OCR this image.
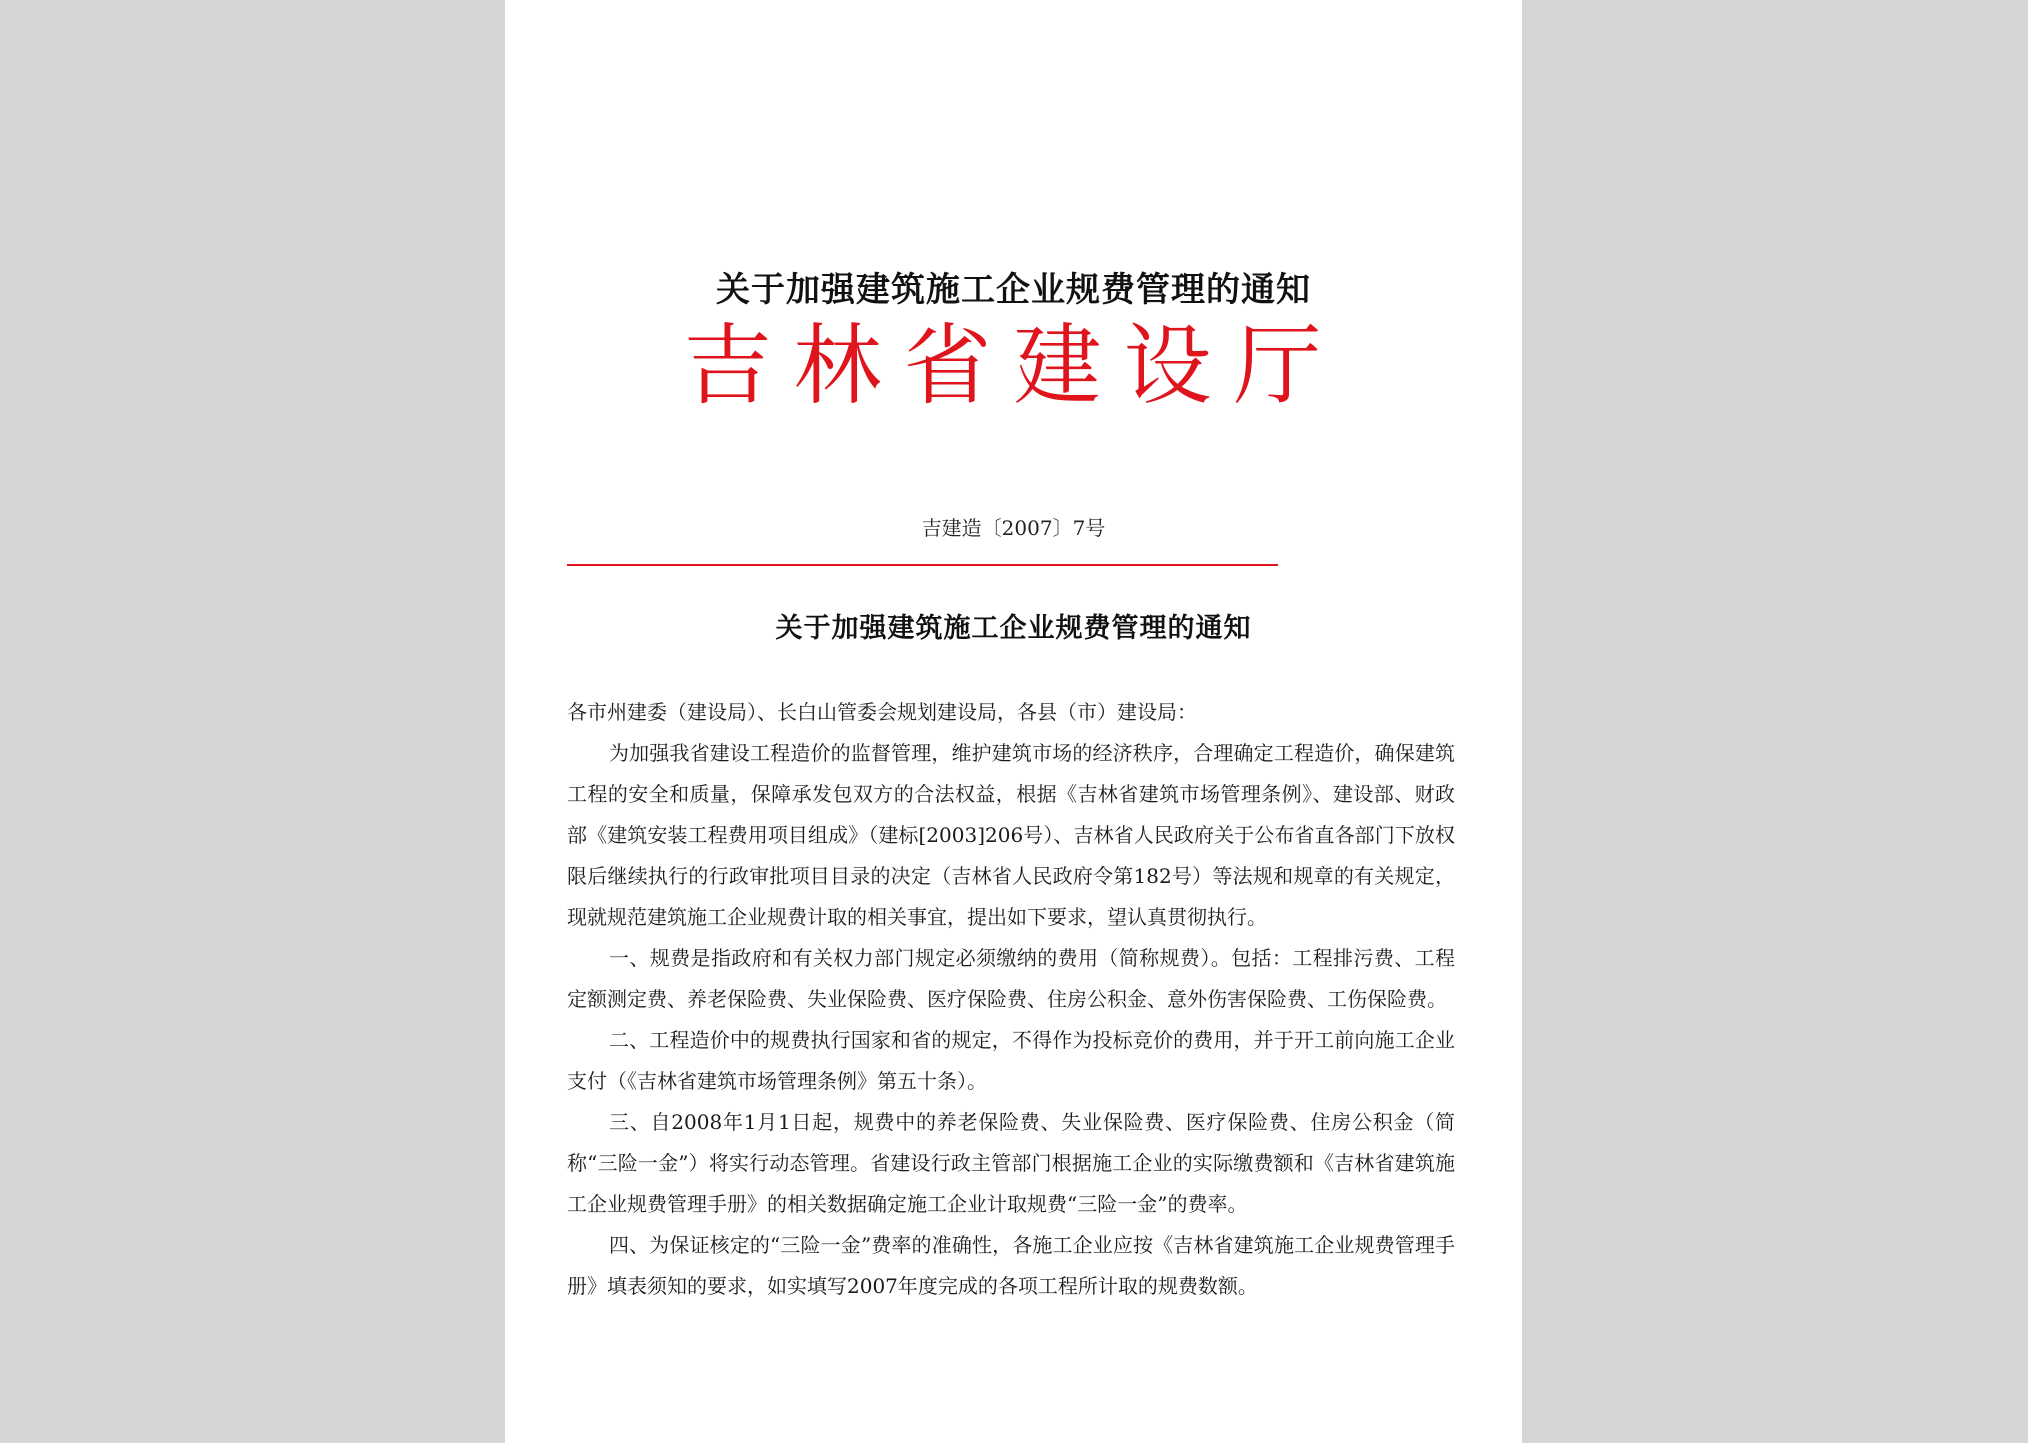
关于加强建筑施工企业规费管理的通知
吉林省建设厅
吉建造〔2007〕7号
关于加强建筑施工企业规费管理的通知

各市州建委（建设局）、长白山管委会规划建设局，各县（市）建设局：

为加强我省建设工程造价的监督管理，维护建筑市场的经济秩序，合理确定工程造价，确保建筑工程的安全和质量，保障承发包双方的合法权益，根据《吉林省建筑市场管理条例》、建设部、财政部《建筑安装工程费用项目组成》（建标[2003]206号）、吉林省人民政府关于公布省直各部门下放权限后继续执行的行政审批项目目录的决定（吉林省人民政府令第182号）等法规和规章的有关规定，现就规范建筑施工企业规费计取的相关事宜，提出如下要求，望认真贯彻执行。

一、规费是指政府和有关权力部门规定必须缴纳的费用（简称规费）。包括：工程排污费、工程定额测定费、养老保险费、失业保险费、医疗保险费、住房公积金、意外伤害保险费、工伤保险费。

二、工程造价中的规费执行国家和省的规定，不得作为投标竞价的费用，并于开工前向施工企业支付（《吉林省建筑市场管理条例》第五十条）。

三、自2008年1月1日起，规费中的养老保险费、失业保险费、医疗保险费、住房公积金（简称“三险一金”）将实行动态管理。省建设行政主管部门根据施工企业的实际缴费额和《吉林省建筑施工企业规费管理手册》的相关数据确定施工企业计取规费“三险一金”的费率。

四、为保证核定的“三险一金”费率的准确性，各施工企业应按《吉林省建筑施工企业规费管理手册》填表须知的要求，如实填写2007年度完成的各项工程所计取的规费数额。
